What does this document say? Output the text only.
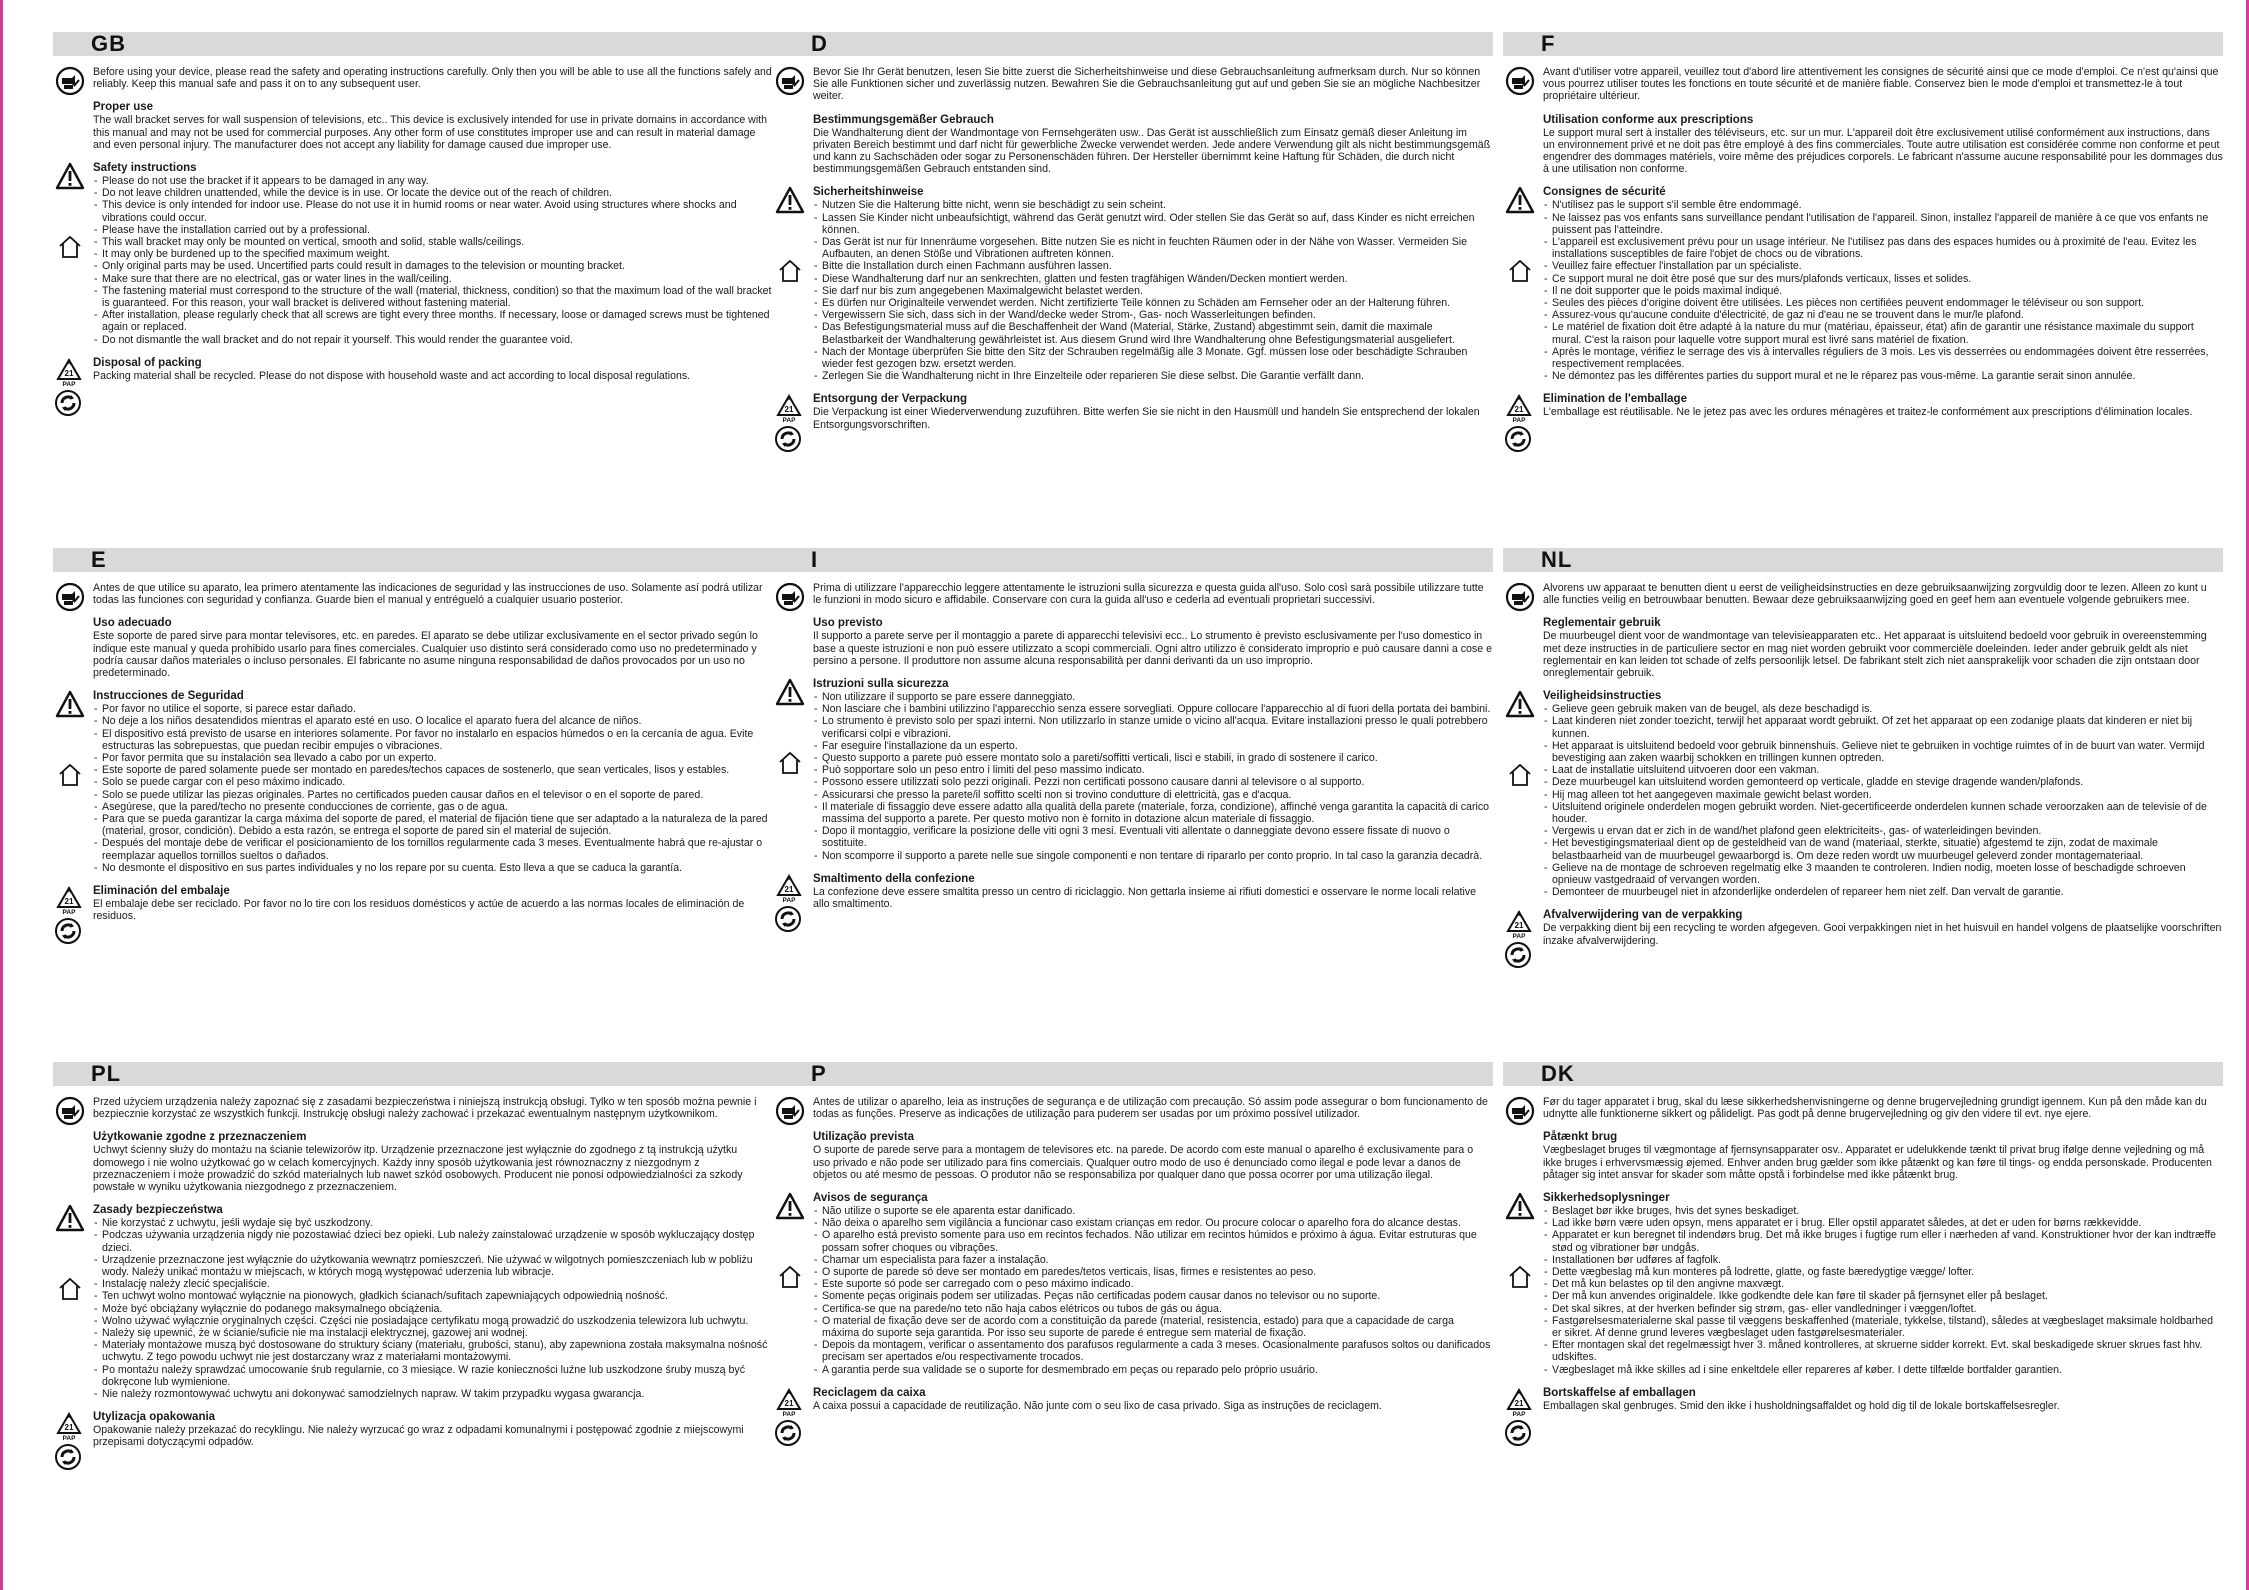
GB

Before using your device, please read the safety and operating instructions carefully. Only then you will be able to use all the functions safely and reliably. Keep this manual safe and pass it on to any subsequent user.

Proper use

The wall bracket serves for wall suspension of televisions, etc.. This device is exclusively intended for use in private domains in accordance with this manual and may not be used for commercial purposes. Any other form of use constitutes improper use and can result in material damage and even personal injury. The manufacturer does not accept any liability for damage caused due improper use.

Safety instructions

- Please do not use the bracket if it appears to be damaged in any way.
- Do not leave children unattended, while the device is in use. Or locate the device out of the reach of children.
- This device is only intended for indoor use. Please do not use it in humid rooms or near water. Avoid using structures where shocks and vibrations could occur.
- Please have the installation carried out by a professional.
- This wall bracket may only be mounted on vertical, smooth and solid, stable walls/ceilings.
- It may only be burdened up to the specified maximum weight.
- Only original parts may be used. Uncertified parts could result in damages to the television or mounting bracket.
- Make sure that there are no electrical, gas or water lines in the wall/ceiling.
- The fastening material must correspond to the structure of the wall (material, thickness, condition) so that the maximum load of the wall bracket is guaranteed. For this reason, your wall bracket is delivered without fastening material.
- After installation, please regularly check that all screws are tight every three months. If necessary, loose or damaged screws must be tightened again or replaced.
- Do not dismantle the wall bracket and do not repair it yourself. This would render the guarantee void.
21
PAP

Disposal of packing

Packing material shall be recycled. Please do not dispose with household waste and act according to local disposal regulations.

D

Bevor Sie Ihr Gerät benutzen, lesen Sie bitte zuerst die Sicherheitshinweise und diese Gebrauchsanleitung aufmerksam durch. Nur so können Sie alle Funktionen sicher und zuverlässig nutzen. Bewahren Sie die Gebrauchsanleitung gut auf und geben Sie sie an mögliche Nachbesitzer weiter.

Bestimmungsgemäßer Gebrauch

Die Wandhalterung dient der Wandmontage von Fernsehgeräten usw.. Das Gerät ist ausschließlich zum Einsatz gemäß dieser Anleitung im privaten Bereich bestimmt und darf nicht für gewerbliche Zwecke verwendet werden. Jede andere Verwendung gilt als nicht bestimmungsgemäß und kann zu Sachschäden oder sogar zu Personenschäden führen. Der Hersteller übernimmt keine Haftung für Schäden, die durch nicht bestimmungsgemäßen Gebrauch entstanden sind.

Sicherheitshinweise

- Nutzen Sie die Halterung bitte nicht, wenn sie beschädigt zu sein scheint.
- Lassen Sie Kinder nicht unbeaufsichtigt, während das Gerät genutzt wird. Oder stellen Sie das Gerät so auf, dass Kinder es nicht erreichen können.
- Das Gerät ist nur für Innenräume vorgesehen. Bitte nutzen Sie es nicht in feuchten Räumen oder in der Nähe von Wasser. Vermeiden Sie Aufbauten, an denen Stöße und Vibrationen auftreten können.
- Bitte die Installation durch einen Fachmann ausführen lassen.
- Diese Wandhalterung darf nur an senkrechten, glatten und festen tragfähigen Wänden/Decken montiert werden.
- Sie darf nur bis zum angegebenen Maximalgewicht belastet werden.
- Es dürfen nur Originalteile verwendet werden. Nicht zertifizierte Teile können zu Schäden am Fernseher oder an der Halterung führen.
- Vergewissern Sie sich, dass sich in der Wand/decke weder Strom-, Gas- noch Wasserleitungen befinden.
- Das Befestigungsmaterial muss auf die Beschaffenheit der Wand (Material, Stärke, Zustand) abgestimmt sein, damit die maximale Belastbarkeit der Wandhalterung gewährleistet ist. Aus diesem Grund wird Ihre Wandhalterung ohne Befestigungsmaterial ausgeliefert.
- Nach der Montage überprüfen Sie bitte den Sitz der Schrauben regelmäßig alle 3 Monate. Ggf. müssen lose oder beschädigte Schrauben wieder fest gezogen bzw. ersetzt werden.
- Zerlegen Sie die Wandhalterung nicht in Ihre Einzelteile oder reparieren Sie diese selbst. Die Garantie verfällt dann.
21
PAP

Entsorgung der Verpackung

Die Verpackung ist einer Wiederverwendung zuzuführen. Bitte werfen Sie sie nicht in den Hausmüll und handeln Sie entsprechend der lokalen Entsorgungsvorschriften.

F

Avant d'utiliser votre appareil, veuillez tout d'abord lire attentivement les consignes de sécurité ainsi que ce mode d'emploi. Ce n'est qu'ainsi que vous pourrez utiliser toutes les fonctions en toute sécurité et de manière fiable. Conservez bien le mode d'emploi et transmettez-le à tout propriétaire ultérieur.

Utilisation conforme aux prescriptions

Le support mural sert à installer des téléviseurs, etc. sur un mur. L'appareil doit être exclusivement utilisé conformément aux instructions, dans un environnement privé et ne doit pas être employé à des fins commerciales. Toute autre utilisation est considérée comme non conforme et peut engendrer des dommages matériels, voire même des préjudices corporels. Le fabricant n'assume aucune responsabilité pour les dommages dus à une utilisation non conforme.

Consignes de sécurité

- N'utilisez pas le support s'il semble être endommagé.
- Ne laissez pas vos enfants sans surveillance pendant l'utilisation de l'appareil. Sinon, installez l'appareil de manière à ce que vos enfants ne puissent pas l'atteindre.
- L'appareil est exclusivement prévu pour un usage intérieur. Ne l'utilisez pas dans des espaces humides ou à proximité de l'eau. Evitez les installations susceptibles de faire l'objet de chocs ou de vibrations.
- Veuillez faire effectuer l'installation par un spécialiste.
- Ce support mural ne doit être posé que sur des murs/plafonds verticaux, lisses et solides.
- Il ne doit supporter que le poids maximal indiqué.
- Seules des pièces d'origine doivent être utilisées. Les pièces non certifiées peuvent endommager le téléviseur ou son support.
- Assurez-vous qu'aucune conduite d'électricité, de gaz ni d'eau ne se trouvent dans le mur/le plafond.
- Le matériel de fixation doit être adapté à la nature du mur (matériau, épaisseur, état) afin de garantir une résistance maximale du support mural. C'est la raison pour laquelle votre support mural est livré sans matériel de fixation.
- Après le montage, vérifiez le serrage des vis à intervalles réguliers de 3 mois. Les vis desserrées ou endommagées doivent être resserrées, respectivement remplacées.
- Ne démontez pas les différentes parties du support mural et ne le réparez pas vous-même. La garantie serait sinon annulée.
21
PAP

Elimination de l'emballage

L'emballage est réutilisable. Ne le jetez pas avec les ordures ménagères et traitez-le conformément aux prescriptions d'élimination locales.

E

Antes de que utilice su aparato, lea primero atentamente las indicaciones de seguridad y las instrucciones de uso. Solamente así podrá utilizar todas las funciones con seguridad y confianza. Guarde bien el manual y entrégueló a cualquier usuario posterior.

Uso adecuado

Este soporte de pared sirve para montar televisores, etc. en paredes. El aparato se debe utilizar exclusivamente en el sector privado según lo indique este manual y queda prohibido usarlo para fines comerciales. Cualquier uso distinto será considerado como uso no predeterminado y podría causar daños materiales o incluso personales. El fabricante no asume ninguna responsabilidad de daños provocados por un uso no predeterminado.

Instrucciones de Seguridad

- Por favor no utilice el soporte, si parece estar dañado.
- No deje a los niños desatendidos mientras el aparato esté en uso. O localice el aparato fuera del alcance de niños.
- El dispositivo está previsto de usarse en interiores solamente. Por favor no instalarlo en espacios húmedos o en la cercanía de agua. Evite estructuras las sobrepuestas, que puedan recibir empujes o vibraciones.
- Por favor permita que su instalación sea llevado a cabo por un experto.
- Este soporte de pared solamente puede ser montado en paredes/techos capaces de sostenerlo, que sean verticales, lisos y estables.
- Solo se puede cargar con el peso máximo indicado.
- Solo se puede utilizar las piezas originales. Partes no certificados pueden causar daños en el televisor o en el soporte de pared.
- Asegúrese, que la pared/techo no presente conducciones de corriente, gas o de agua.
- Para que se pueda garantizar la carga máxima del soporte de pared, el material de fijación tiene que ser adaptado a la naturaleza de la pared (material, grosor, condición). Debido a esta razón, se entrega el soporte de pared sin el material de sujeción.
- Después del montaje debe de verificar el posicionamiento de los tornillos regularmente cada 3 meses. Eventualmente habrá que re-ajustar o reemplazar aquellos tornillos sueltos o dañados.
- No desmonte el dispositivo en sus partes individuales y no los repare por su cuenta. Esto lleva a que se caduca la garantía.
21
PAP

Eliminación del embalaje

El embalaje debe ser reciclado. Por favor no lo tire con los residuos domésticos y actúe de acuerdo a las normas locales de eliminación de residuos.

I

Prima di utilizzare l'apparecchio leggere attentamente le istruzioni sulla sicurezza e questa guida all'uso. Solo così sarà possibile utilizzare tutte le funzioni in modo sicuro e affidabile. Conservare con cura la guida all'uso e cederla ad eventuali proprietari successivi.

Uso previsto

Il supporto a parete serve per il montaggio a parete di apparecchi televisivi ecc.. Lo strumento è previsto esclusivamente per l'uso domestico in base a queste istruzioni e non può essere utilizzato a scopi commerciali. Ogni altro utilizzo è considerato improprio e può causare danni a cose e persino a persone. Il produttore non assume alcuna responsabilità per danni derivanti da un uso improprio.

Istruzioni sulla sicurezza

- Non utilizzare il supporto se pare essere danneggiato.
- Non lasciare che i bambini utilizzino l'apparecchio senza essere sorvegliati. Oppure collocare l'apparecchio al di fuori della portata dei bambini.
- Lo strumento è previsto solo per spazi interni. Non utilizzarlo in stanze umide o vicino all'acqua. Evitare installazioni presso le quali potrebbero verificarsi colpi e vibrazioni.
- Far eseguire l'installazione da un esperto.
- Questo supporto a parete può essere montato solo a pareti/soffitti verticali, lisci e stabili, in grado di sostenere il carico.
- Può sopportare solo un peso entro i limiti del peso massimo indicato.
- Possono essere utilizzati solo pezzi originali. Pezzi non certificati possono causare danni al televisore o al supporto.
- Assicurarsi che presso la parete/il soffitto scelti non si trovino condutture di elettricità, gas e d'acqua.
- Il materiale di fissaggio deve essere adatto alla qualità della parete (materiale, forza, condizione), affinché venga garantita la capacità di carico massima del supporto a parete. Per questo motivo non è fornito in dotazione alcun materiale di fissaggio.
- Dopo il montaggio, verificare la posizione delle viti ogni 3 mesi. Eventuali viti allentate o danneggiate devono essere fissate di nuovo o sostituite.
- Non scomporre il supporto a parete nelle sue singole componenti e non tentare di ripararlo per conto proprio. In tal caso la garanzia decadrà.
21
PAP

Smaltimento della confezione

La confezione deve essere smaltita presso un centro di riciclaggio. Non gettarla insieme ai rifiuti domestici e osservare le norme locali relative allo smaltimento.

NL

Alvorens uw apparaat te benutten dient u eerst de veiligheidsinstructies en deze gebruiksaanwijzing zorgvuldig door te lezen. Alleen zo kunt u alle functies veilig en betrouwbaar benutten. Bewaar deze gebruiksaanwijzing goed en geef hem aan eventuele volgende gebruikers mee.

Reglementair gebruik

De muurbeugel dient voor de wandmontage van televisieapparaten etc.. Het apparaat is uitsluitend bedoeld voor gebruik in overeenstemming met deze instructies in de particuliere sector en mag niet worden gebruikt voor commerciële doeleinden. Ieder ander gebruik geldt als niet reglementair en kan leiden tot schade of zelfs persoonlijk letsel. De fabrikant stelt zich niet aansprakelijk voor schaden die zijn ontstaan door onreglementair gebruik.

Veiligheidsinstructies

- Gelieve geen gebruik maken van de beugel, als deze beschadigd is.
- Laat kinderen niet zonder toezicht, terwijl het apparaat wordt gebruikt. Of zet het apparaat op een zodanige plaats dat kinderen er niet bij kunnen.
- Het apparaat is uitsluitend bedoeld voor gebruik binnenshuis. Gelieve niet te gebruiken in vochtige ruimtes of in de buurt van water. Vermijd bevestiging aan zaken waarbij schokken en trillingen kunnen optreden.
- Laat de installatie uitsluitend uitvoeren door een vakman.
- Deze muurbeugel kan uitsluitend worden gemonteerd op verticale, gladde en stevige dragende wanden/plafonds.
- Hij mag alleen tot het aangegeven maximale gewicht belast worden.
- Uitsluitend originele onderdelen mogen gebruikt worden. Niet-gecertificeerde onderdelen kunnen schade veroorzaken aan de televisie of de houder.
- Vergewis u ervan dat er zich in de wand/het plafond geen elektriciteits-, gas- of waterleidingen bevinden.
- Het bevestigingsmateriaal dient op de gesteldheid van de wand (materiaal, sterkte, situatie) afgestemd te zijn, zodat de maximale belastbaarheid van de muurbeugel gewaarborgd is. Om deze reden wordt uw muurbeugel geleverd zonder montagemateriaal.
- Gelieve na de montage de schroeven regelmatig elke 3 maanden te controleren. Indien nodig, moeten losse of beschadigde schroeven opnieuw vastgedraaid of vervangen worden.
- Demonteer de muurbeugel niet in afzonderlijke onderdelen of repareer hem niet zelf. Dan vervalt de garantie.
21
PAP

Afvalverwijdering van de verpakking

De verpakking dient bij een recycling te worden afgegeven. Gooi verpakkingen niet in het huisvuil en handel volgens de plaatselijke voorschriften inzake afvalverwijdering.

PL

Przed użyciem urządzenia należy zapoznać się z zasadami bezpieczeństwa i niniejszą instrukcją obsługi. Tylko w ten sposób można pewnie i bezpiecznie korzystać ze wszystkich funkcji. Instrukcję obsługi należy zachować i przekazać ewentualnym następnym użytkownikom.

Użytkowanie zgodne z przeznaczeniem

Uchwyt ścienny służy do montażu na ścianie telewizorów itp. Urządzenie przeznaczone jest wyłącznie do zgodnego z tą instrukcją użytku domowego i nie wolno użytkować go w celach komercyjnych. Każdy inny sposób użytkowania jest równoznaczny z niezgodnym z przeznaczeniem i może prowadzić do szkód materialnych lub nawet szkód osobowych. Producent nie ponosi odpowiedzialności za szkody powstałe w wyniku użytkowania niezgodnego z przeznaczeniem.

Zasady bezpieczeństwa

- Nie korzystać z uchwytu, jeśli wydaje się być uszkodzony.
- Podczas używania urządzenia nigdy nie pozostawiać dzieci bez opieki. Lub należy zainstalować urządzenie w sposób wykluczający dostęp dzieci.
- Urządzenie przeznaczone jest wyłącznie do użytkowania wewnątrz pomieszczeń. Nie używać w wilgotnych pomieszczeniach lub w pobliżu wody. Należy unikać montażu w miejscach, w których mogą występować uderzenia lub wibracje.
- Instalację należy zlecić specjaliście.
- Ten uchwyt wolno montować wyłącznie na pionowych, gładkich ścianach/sufitach zapewniających odpowiednią nośność.
- Może być obciążany wyłącznie do podanego maksymalnego obciążenia.
- Wolno używać wyłącznie oryginalnych części. Części nie posiadające certyfikatu mogą prowadzić do uszkodzenia telewizora lub uchwytu.
- Należy się upewnić, że w ścianie/suficie nie ma instalacji elektrycznej, gazowej ani wodnej.
- Materiały montażowe muszą być dostosowane do struktury ściany (materiału, grubości, stanu), aby zapewniona została maksymalna nośność uchwytu. Z tego powodu uchwyt nie jest dostarczany wraz z materiałami montażowymi.
- Po montażu należy sprawdzać umocowanie śrub regularnie, co 3 miesiące. W razie konieczności luźne lub uszkodzone śruby muszą być dokręcone lub wymienione.
- Nie należy rozmontowywać uchwytu ani dokonywać samodzielnych napraw. W takim przypadku wygasa gwarancja.
21
PAP

Utylizacja opakowania

Opakowanie należy przekazać do recyklingu. Nie należy wyrzucać go wraz z odpadami komunalnymi i postępować zgodnie z miejscowymi przepisami dotyczącymi odpadów.

P

Antes de utilizar o aparelho, leia as instruções de segurança e de utilização com precaução. Só assim pode assegurar o bom funcionamento de todas as funções. Preserve as indicações de utilização para puderem ser usadas por um próximo possível utilizador.

Utilização prevista

O suporte de parede serve para a montagem de televisores etc. na parede. De acordo com este manual o aparelho é exclusivamente para o uso privado e não pode ser utilizado para fins comerciais. Qualquer outro modo de uso é denunciado como ilegal e pode levar a danos de objetos ou até mesmo de pessoas. O produtor não se responsabiliza por qualquer dano que possa ocorrer por uma utilização ilegal.

Avisos de segurança

- Não utilize o suporte se ele aparenta estar danificado.
- Não deixa o aparelho sem vigilância a funcionar caso existam crianças em redor. Ou procure colocar o aparelho fora do alcance destas.
- O aparelho está previsto somente para uso em recintos fechados. Não utilizar em recintos húmidos e próximo à água. Evitar estruturas que possam sofrer choques ou vibrações.
- Chamar um especialista para fazer a instalação.
- O suporte de parede só deve ser montado em paredes/tetos verticais, lisas, firmes e resistentes ao peso.
- Este suporte só pode ser carregado com o peso máximo indicado.
- Somente peças originais podem ser utilizadas. Peças não certificadas podem causar danos no televisor ou no suporte.
- Certifica-se que na parede/no teto não haja cabos elétricos ou tubos de gás ou água.
- O material de fixação deve ser de acordo com a constituição da parede (material, resistencia, estado) para que a capacidade de carga máxima do suporte seja garantida. Por isso seu suporte de parede é entregue sem material de fixação.
- Depois da montagem, verificar o assentamento dos parafusos regularmente a cada 3 meses. Ocasionalmente parafusos soltos ou danificados precisam ser apertados e/ou respectivamente trocados.
- A garantia perde sua validade se o suporte for desmembrado em peças ou reparado pelo próprio usuário.
21
PAP

Reciclagem da caixa

A caixa possui a capacidade de reutilização. Não junte com o seu lixo de casa privado. Siga as instruções de reciclagem.

DK

Før du tager apparatet i brug, skal du læse sikkerhedshenvisningerne og denne brugervejledning grundigt igennem. Kun på den måde kan du udnytte alle funktionerne sikkert og pålideligt. Pas godt på denne brugervejledning og giv den videre til evt. nye ejere.

Påtænkt brug

Vægbeslaget bruges til vægmontage af fjernsynsapparater osv.. Apparatet er udelukkende tænkt til privat brug ifølge denne vejledning og må ikke bruges i erhvervsmæssig øjemed. Enhver anden brug gælder som ikke påtænkt og kan føre til tings- og endda personskade. Producenten påtager sig intet ansvar for skader som måtte opstå i forbindelse med ikke påtænkt brug.

Sikkerhedsoplysninger

- Beslaget bør ikke bruges, hvis det synes beskadiget.
- Lad ikke børn være uden opsyn, mens apparatet er i brug. Eller opstil apparatet således, at det er uden for børns rækkevidde.
- Apparatet er kun beregnet til indendørs brug. Det må ikke bruges i fugtige rum eller i nærheden af vand. Konstruktioner hvor der kan indtræffe stød og vibrationer bør undgås.
- Installationen bør udføres af fagfolk.
- Dette vægbeslag må kun monteres på lodrette, glatte, og faste bæredygtige vægge/ lofter.
- Det må kun belastes op til den angivne maxvægt.
- Der må kun anvendes originaldele. Ikke godkendte dele kan føre til skader på fjernsynet eller på beslaget.
- Det skal sikres, at der hverken befinder sig strøm, gas- eller vandledninger i væggen/loftet.
- Fastgørelsesmaterialerne skal passe til væggens beskaffenhed (materiale, tykkelse, tilstand), således at vægbeslaget maksimale holdbarhed er sikret. Af denne grund leveres vægbeslaget uden fastgørelsesmaterialer.
- Efter montagen skal det regelmæssigt hver 3. måned kontrolleres, at skruerne sidder korrekt. Evt. skal beskadigede skruer skrues fast hhv. udskiftes.
- Vægbeslaget må ikke skilles ad i sine enkeltdele eller repareres af køber. I dette tilfælde bortfalder garantien.
21
PAP

Bortskaffelse af emballagen

Emballagen skal genbruges. Smid den ikke i husholdningsaffaldet og hold dig til de lokale bortskaffelsesregler.
